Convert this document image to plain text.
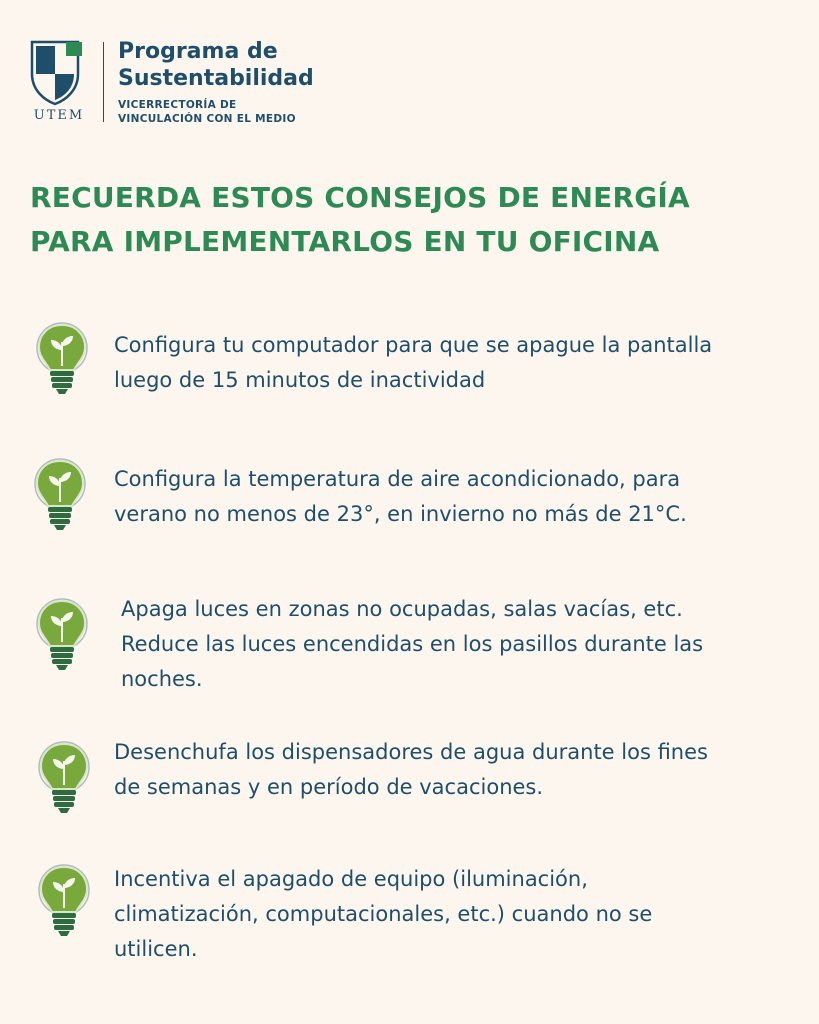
UTEM
Programa de
Sustentabilidad
VICERRECTORÍA DE
VINCULACIÓN CON EL MEDIO
RECUERDA ESTOS CONSEJOS DE ENERGÍA
PARA IMPLEMENTARLOS EN TU OFICINA
Configura tu computador para que se apague la pantalla
luego de 15 minutos de inactividad
Configura la temperatura de aire acondicionado, para
verano no menos de 23°, en invierno no más de 21°C.
Apaga luces en zonas no ocupadas, salas vacías, etc.
Reduce las luces encendidas en los pasillos durante las
noches.
Desenchufa los dispensadores de agua durante los fines
de semanas y en período de vacaciones.
Incentiva el apagado de equipo (iluminación,
climatización, computacionales, etc.) cuando no se
utilicen.
